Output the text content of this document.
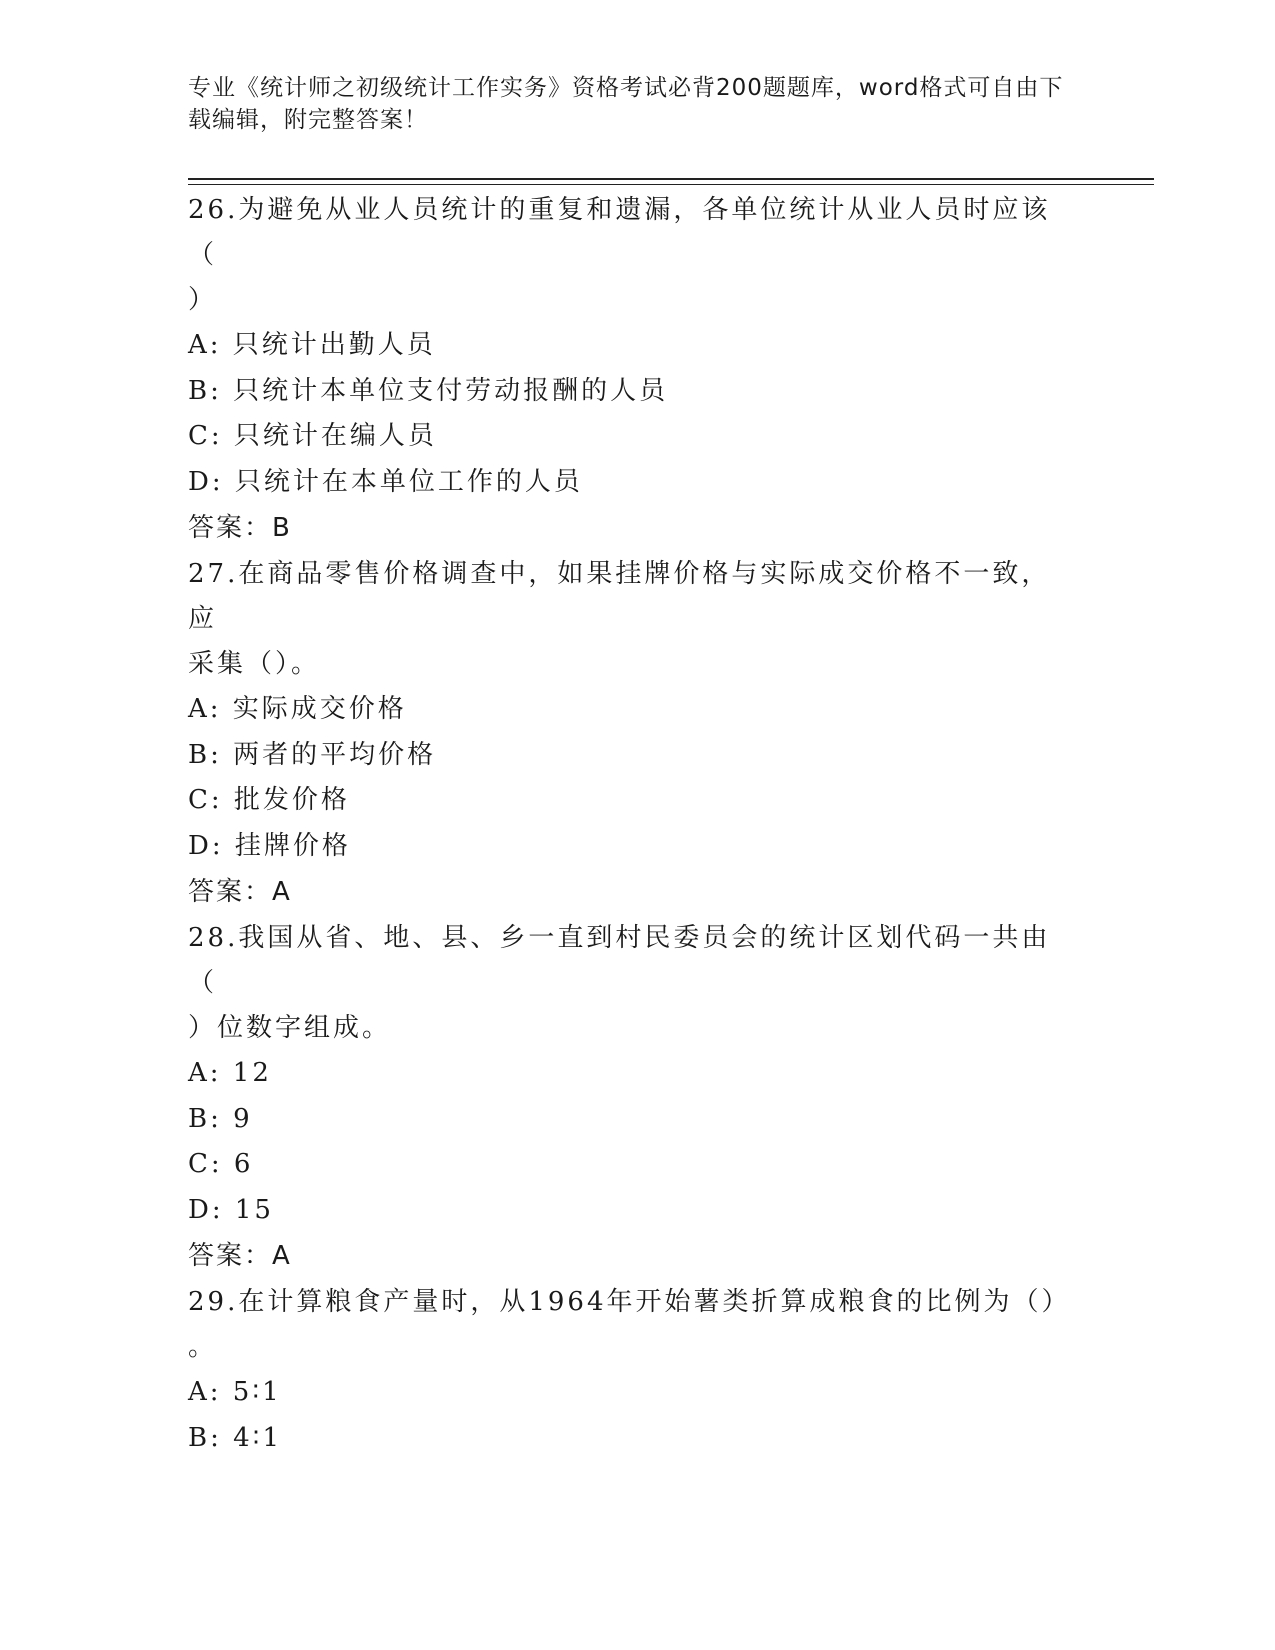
专业《统计师之初级统计工作实务》资格考试必背200题题库，word格式可自由下载编辑，附完整答案！

26.为避免从业人员统计的重复和遗漏，各单位统计从业人员时应该（

）

A: 只统计出勤人员

B: 只统计本单位支付劳动报酬的人员

C: 只统计在编人员

D: 只统计在本单位工作的人员

答案：B

27.在商品零售价格调查中，如果挂牌价格与实际成交价格不一致，应

采集（）。

A: 实际成交价格

B: 两者的平均价格

C: 批发价格

D: 挂牌价格

答案：A

28.我国从省、地、县、乡一直到村民委员会的统计区划代码一共由（

）位数字组成。

A: 12

B: 9

C: 6

D: 15

答案：A

29.在计算粮食产量时，从1964年开始薯类折算成粮食的比例为（）

。

A: 5∶1

B: 4∶1
